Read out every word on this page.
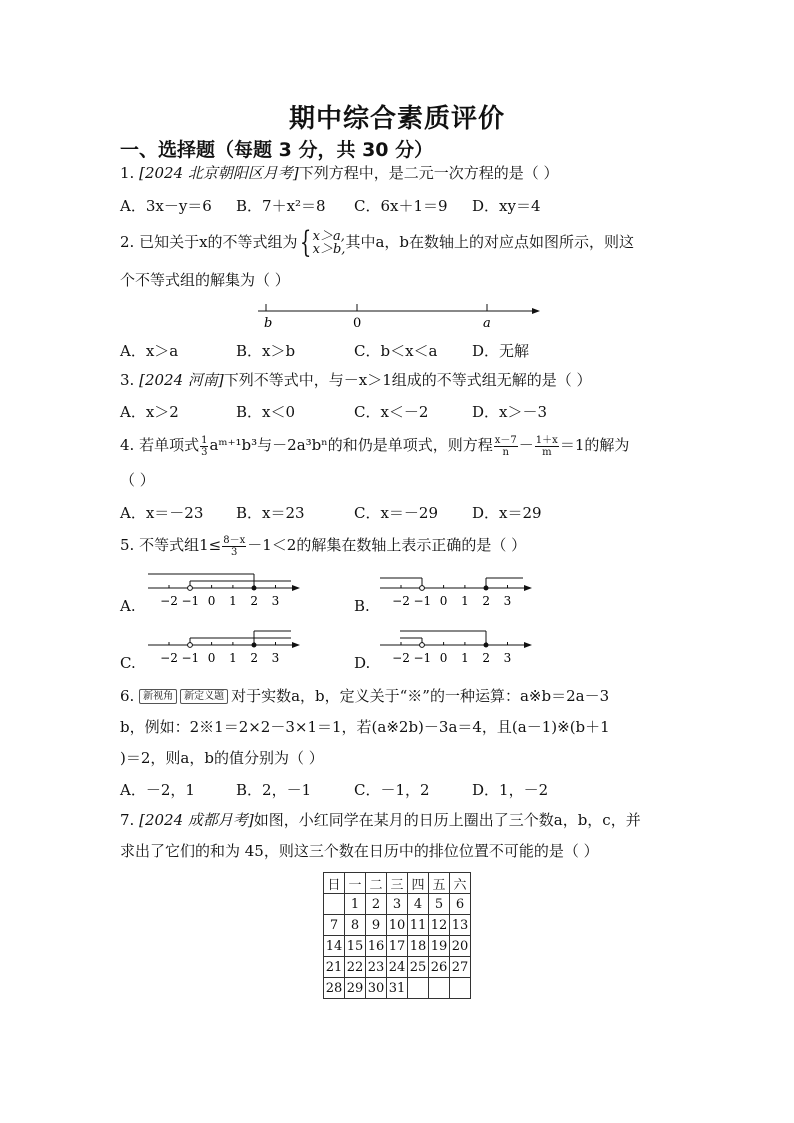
期中综合素质评价
一、选择题（每题 3 分，共 30 分）
1. [2024 北京朝阳区月考]下列方程中，是二元一次方程的是（ ）
A．3x－y＝6 B．7＋x²＝8 C．6x＋1＝9 D．xy＝4
2. 已知关于x的不等式组为{ x＞a,
x＞b, 其中a，b在数轴上的对应点如图所示，则这
个不等式组的解集为（ ）
b	0	a
A．x＞a	B．x＞b	C．b＜x＜a D．无解
3. [2024 河南]下列不等式中，与－x＞1组成的不等式组无解的是（ ）
A．x＞2	B．x＜0	C．x＜－2	D．x＞－3
4. 若单项式 $\frac{1}{3}$ aᵐ⁺¹b³与－2a³bⁿ的和仍是单项式，则方程 $\frac{x-7}{n} - \frac{1+x}{m} =1$的解为
（ ）
A．x＝－23 B．x＝23	C．x＝－29 D．x＝29
5. 不等式组$1\le \frac{8-x}{3} -1<2$的解集在数轴上表示正确的是（ ）
A. −2 −1 0 1 2 3	B. −2 −1 0 1 2 3
C. −2 −1 0 1 2 3	D. −2 −1 0 1 2 3
6. 新视角 新定义题 对于实数a，b，定义关于“※”的一种运算：a※b＝2a－3
b，例如：2※1＝2×2－3×1＝1，若(a※2b)－3a＝4，且(a－1)※(b＋1
)＝2，则a，b的值分别为（ ）
A．－2，1	B．2，－1	C．－1，2	D．1，－2
7. [2024 成都月考]如图，小红同学在某月的日历上圈出了三个数a，b，c，并
求出了它们的和为 45，则这三个数在日历中的排位位置不可能的是（ ）
日	一	二	三	四	五	六
	1	2	3	4	5	6
7	8	9	10	11	12	13
14	15	16	17	18	19	20
21	22	23	24	25	26	27
28	29	30	31			
